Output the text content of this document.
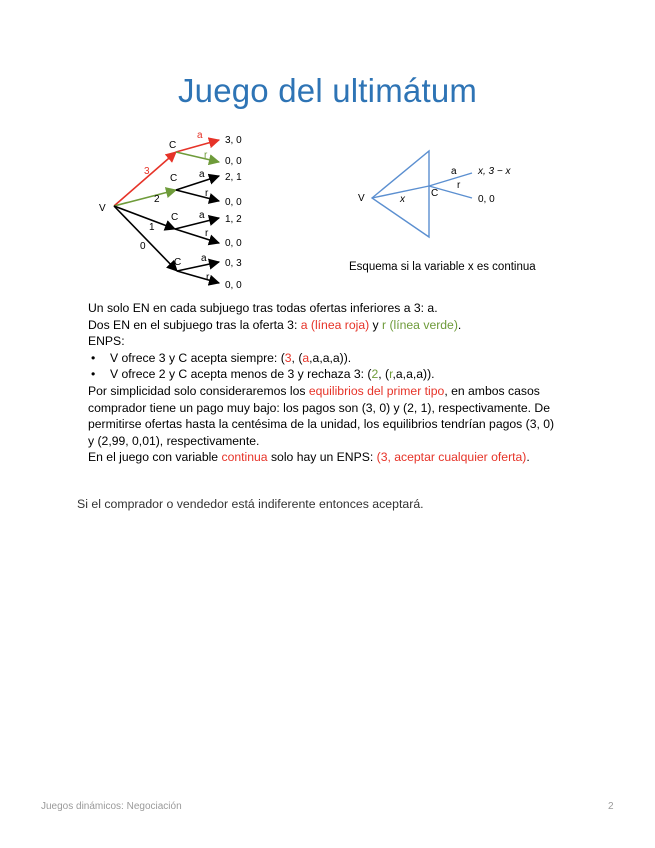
Juego del ultimátum
V
C
C
C
C
3
2
1
0
a
r
a
r
a
r
a
r
3, 0
0, 0
2, 1
0, 0
1, 2
0, 0
0, 3
0, 0
V	x
C
a
r
x, 3 − x
0, 0
Esquema si la variable x es continua

Un solo EN en cada subjuego tras todas ofertas inferiores a 3: a.

Dos EN en el subjuego tras la oferta 3: a (línea roja) y r (línea verde).

ENPS:

• V ofrece 3 y C acepta siempre: (3, (a,a,a,a)).
• V ofrece 2 y C acepta menos de 3 y rechaza 3: (2, (r,a,a,a)).

Por simplicidad solo consideraremos los equilibrios del primer tipo, en ambos casos comprador tiene un pago muy bajo: los pagos son (3, 0) y (2, 1), respectivamente. De permitirse ofertas hasta la centésima de la unidad, los equilibrios tendrían pagos (3, 0) y (2,99, 0,01), respectivamente.

En el juego con variable continua solo hay un ENPS: (3, aceptar cualquier oferta).

Si el comprador o vendedor está indiferente entonces aceptará.
Juegos dinámicos: Negociación	2
